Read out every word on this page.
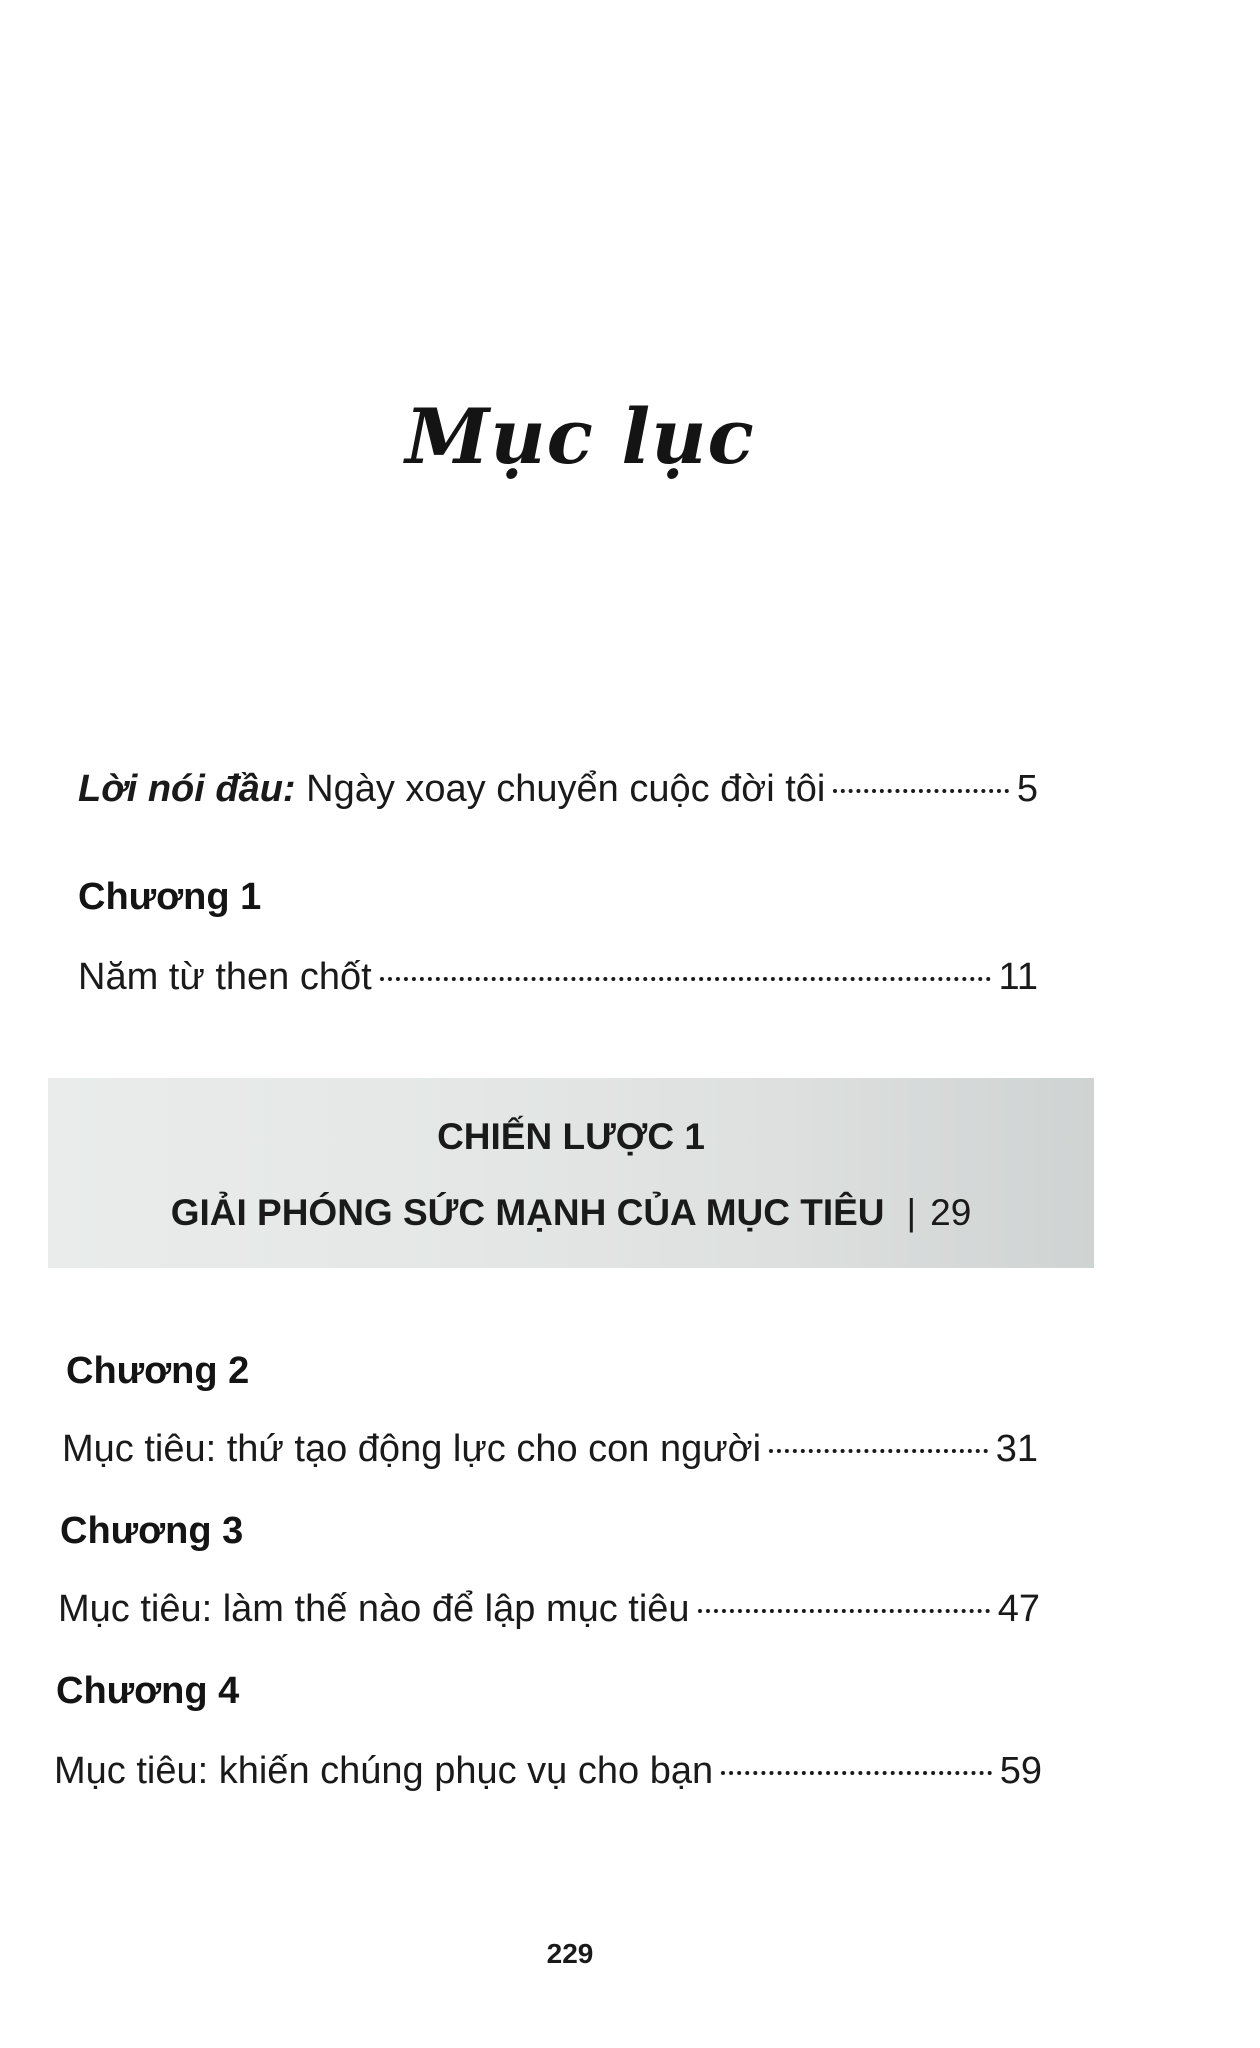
Mục lục
Lời nói đầu: Ngày xoay chuyển cuộc đời tôi	5
Chương 1
Năm từ then chốt	11
CHIẾN LƯỢC 1
GIẢI PHÓNG SỨC MẠNH CỦA MỤC TIÊU | 29
Chương 2
Mục tiêu: thứ tạo động lực cho con người	31
Chương 3
Mục tiêu: làm thế nào để lập mục tiêu	47
Chương 4
Mục tiêu: khiến chúng phục vụ cho bạn	59
229
